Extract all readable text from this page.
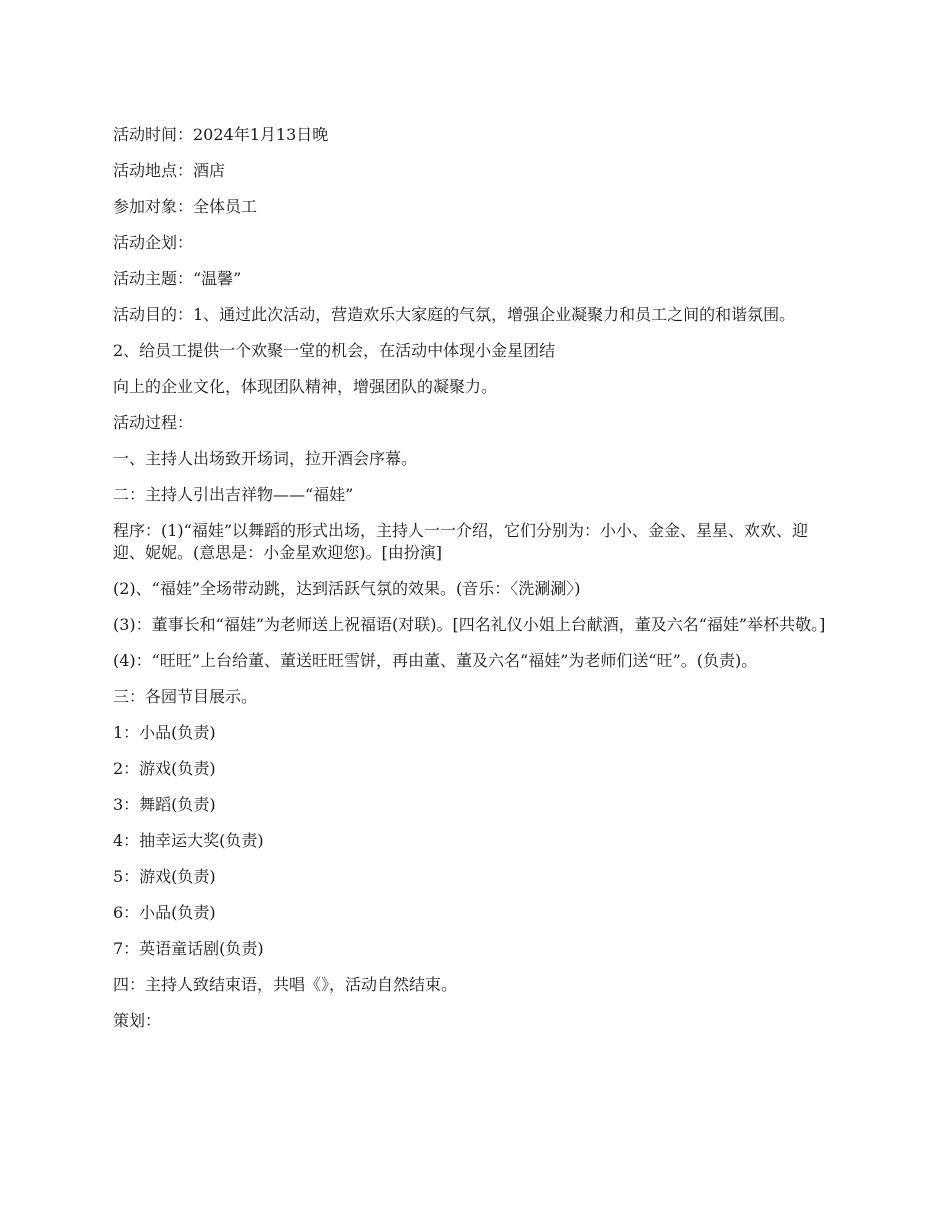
活动时间：2024年1月13日晚

活动地点：酒店

参加对象：全体员工

活动企划：

活动主题：“温馨”

活动目的：1、通过此次活动，营造欢乐大家庭的气氛，增强企业凝聚力和员工之间的和谐氛围。

2、给员工提供一个欢聚一堂的机会，在活动中体现小金星团结

向上的企业文化，体现团队精神，增强团队的凝聚力。

活动过程：

一、主持人出场致开场词，拉开酒会序幕。

二：主持人引出吉祥物——“福娃”

程序：(1)“福娃”以舞蹈的形式出场，主持人一一介绍，它们分别为：小小、金金、星星、欢欢、迎迎、妮妮。(意思是：小金星欢迎您)。[由扮演]

(2)、“福娃”全场带动跳，达到活跃气氛的效果。(音乐：〈洗涮涮〉)

(3)：董事长和“福娃”为老师送上祝福语(对联)。[四名礼仪小姐上台献酒，董及六名“福娃”举杯共敬。]

(4)：“旺旺”上台给董、董送旺旺雪饼，再由董、董及六名“福娃”为老师们送“旺”。(负责)。

三：各园节目展示。

1：小品(负责)

2：游戏(负责)

3：舞蹈(负责)

4：抽幸运大奖(负责)

5：游戏(负责)

6：小品(负责)

7：英语童话剧(负责)

四：主持人致结束语，共唱《》，活动自然结束。

策划：
